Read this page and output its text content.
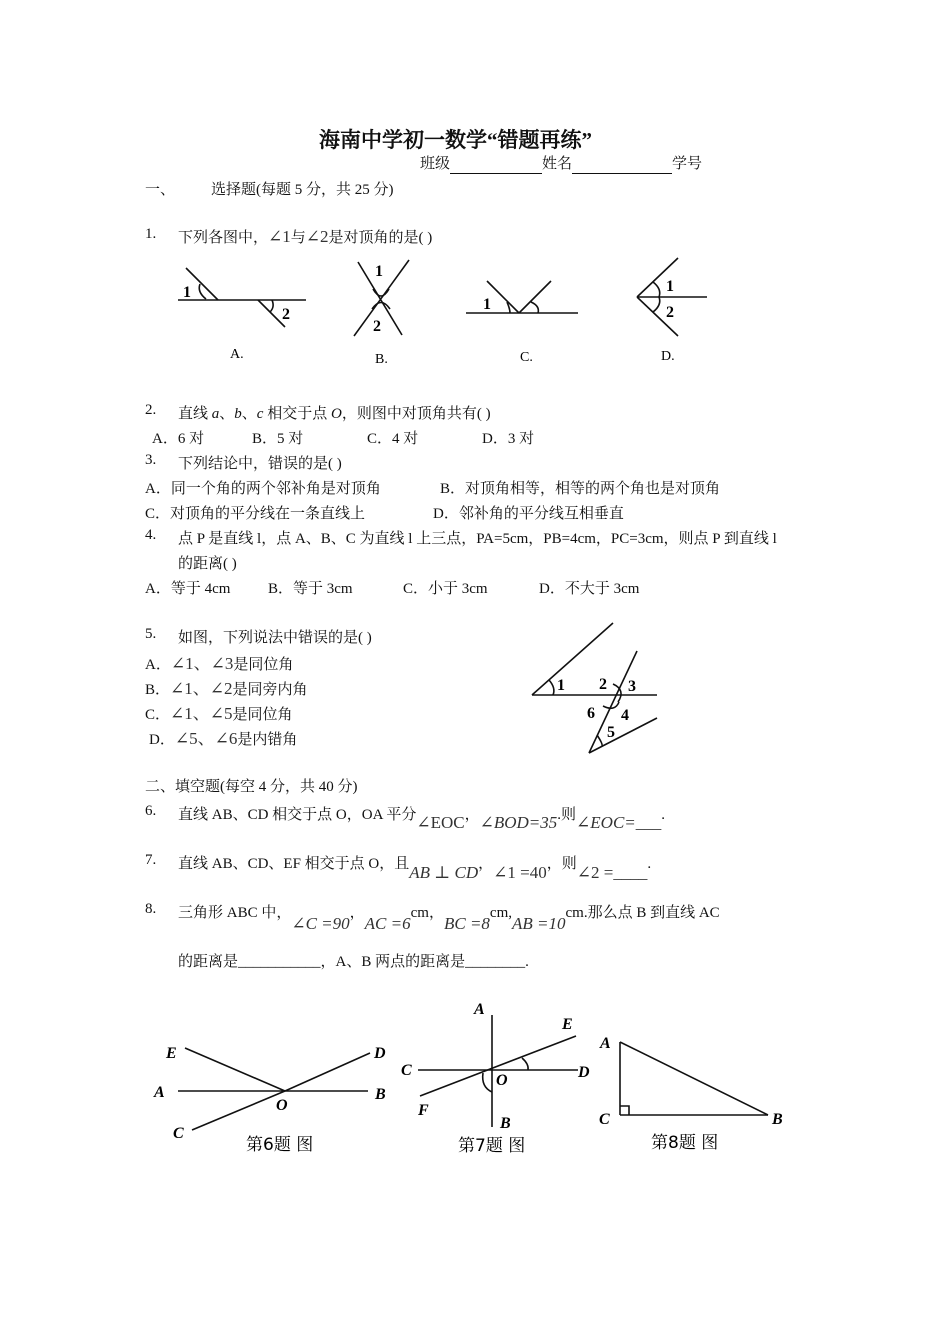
海南中学初一数学“错题再练”
班级	姓名	学号
一、 选择题(每题 5 分，共 25 分)
1. 下列各图中，∠1与∠2是对顶角的是( )
1
2
1
2
1
1
2
A.	B.	C.	D.
2. 直线 a、b、c 相交于点 O，则图中对顶角共有( )
A．6 对	B．5 对	C．4 对	D．3 对
3. 下列结论中，错误的是( )
A．同一个角的两个邻补角是对顶角	B．对顶角相等，相等的两个角也是对顶角
C．对顶角的平分线在一条直线上	D．邻补角的平分线互相垂直
4. 点 P 是直线 l，点 A、B、C 为直线 l 上三点，PA=5cm，PB=4cm，PC=3cm，则点 P 到直线 l
的距离( )
A．等于 4cm	B．等于 3cm	C．小于 3cm	D．不大于 3cm
5. 如图，下列说法中错误的是( )
A．∠1、∠3是同位角
B．∠1、∠2是同旁内角
C．∠1、∠5是同位角
D．∠5、∠6是内错角
1 2 3
4
5
6
二、填空题(每空 4 分，共 40 分)
6. 直线 AB、CD 相交于点 O，OA 平分∠EOC，∠BOD=35.则∠EOC=___.
7. 直线 AB、CD、EF 相交于点 O，且AB ⊥ CD，∠1 =40，则∠2 =____.
8. 三角形 ABC 中，∠C =90，AC =6cm，BC =8cm,AB =10cm.那么点 B 到直线 AC
的距离是___________，A、B 两点的距离是________.
E	D
A
O
B
C
第6题 图
A
E
C
O	D
F
B
第7题 图
A
C	B
第8题 图
